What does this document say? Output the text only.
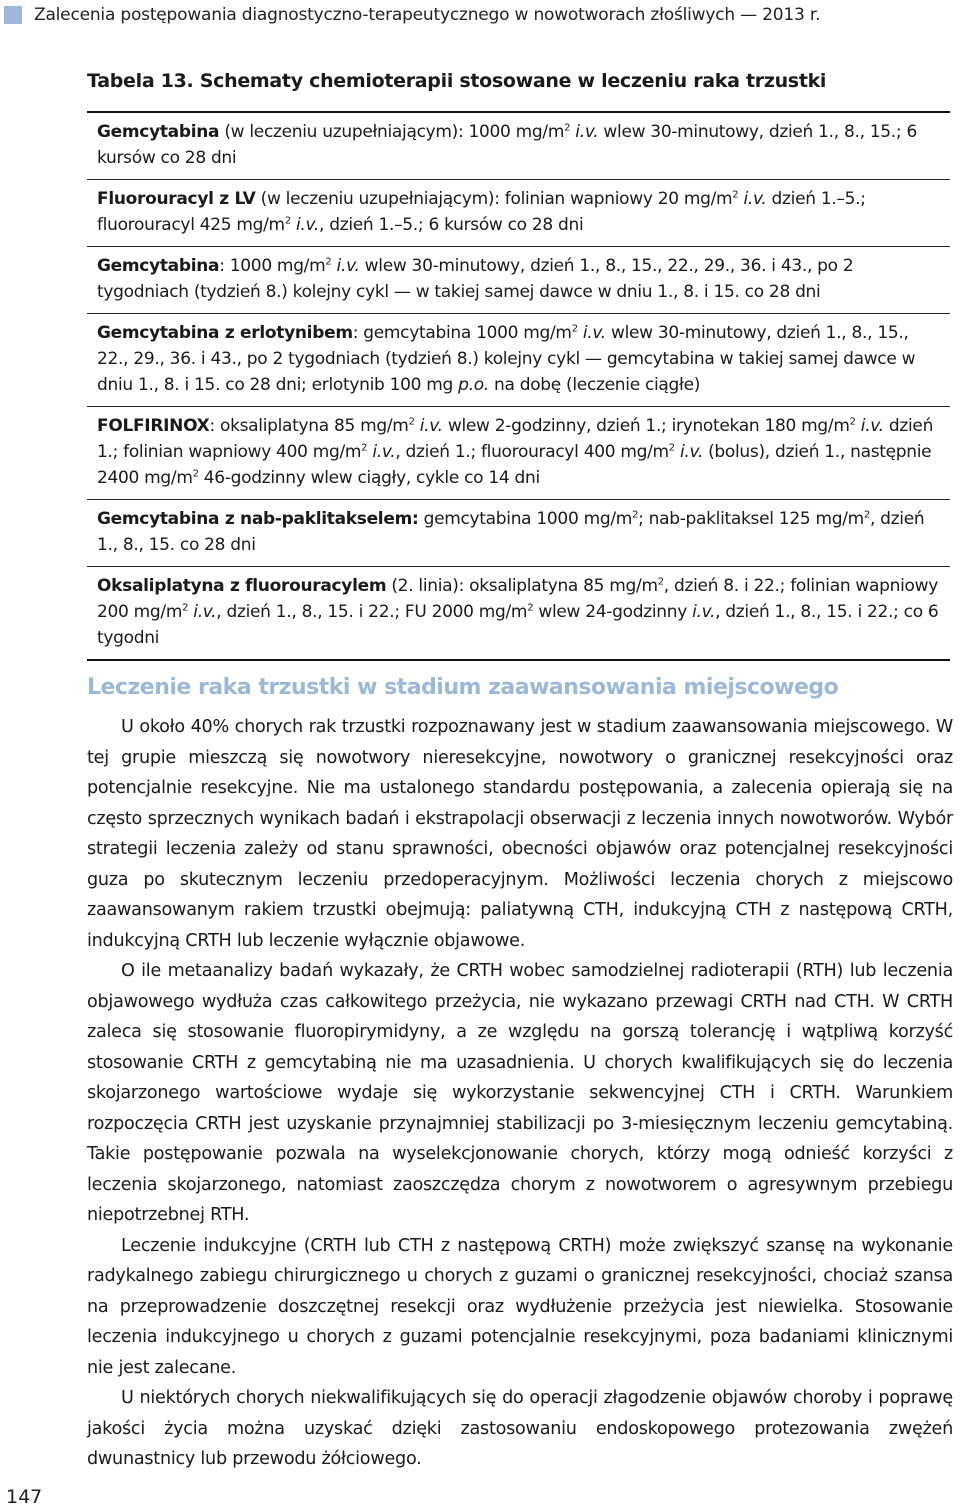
Zalecenia postępowania diagnostyczno-terapeutycznego w nowotworach złośliwych — 2013 r.
Tabela 13. Schematy chemioterapii stosowane w leczeniu raka trzustki
Gemcytabina (w leczeniu uzupełniającym): 1000 $mg/m^2$ i.v. wlew 30-minutowy, dzień 1., 8., 15.; 6 kursów co 28 dni
Fluorouracyl z LV (w leczeniu uzupełniającym): folinian wapniowy 20 $mg/m^2$ i.v. dzień 1.–5.; fluorouracyl 425 $mg/m^2$ i.v., dzień 1.–5.; 6 kursów co 28 dni
Gemcytabina: 1000 $mg/m^2$ i.v. wlew 30-minutowy, dzień 1., 8., 15., 22., 29., 36. i 43., po 2 tygodniach (tydzień 8.) kolejny cykl — w takiej samej dawce w dniu 1., 8. i 15. co 28 dni
Gemcytabina z erlotynibem: gemcytabina 1000 $mg/m^2$ i.v. wlew 30-minutowy, dzień 1., 8., 15., 22., 29., 36. i 43., po 2 tygodniach (tydzień 8.) kolejny cykl — gemcytabina w takiej samej dawce w dniu 1., 8. i 15. co 28 dni; erlotynib 100 mg p.o. na dobę (leczenie ciągłe)
FOLFIRINOX: oksaliplatyna 85 $mg/m^2$ i.v. wlew 2-godzinny, dzień 1.; irynotekan 180 $mg/m^2$ i.v. dzień 1.; folinian wapniowy 400 $mg/m^2$ i.v., dzień 1.; fluorouracyl 400 $mg/m^2$ i.v. (bolus), dzień 1., następnie 2400 $mg/m^2$ 46-godzinny wlew ciągły, cykle co 14 dni
Gemcytabina z nab-paklitakselem: gemcytabina 1000 $mg/m^2$; nab-paklitaksel 125 $mg/m^2$, dzień 1., 8., 15. co 28 dni
Oksaliplatyna z fluorouracylem (2. linia): oksaliplatyna 85 $mg/m^2$, dzień 8. i 22.; folinian wapniowy 200 $mg/m^2$ i.v., dzień 1., 8., 15. i 22.; FU 2000 $mg/m^2$ wlew 24-godzinny i.v., dzień 1., 8., 15. i 22.; co 6 tygodni
Leczenie raka trzustki w stadium zaawansowania miejscowego

U około 40% chorych rak trzustki rozpoznawany jest w stadium zaawansowania miejscowego. W tej grupie mieszczą się nowotwory nieresekcyjne, nowotwory o granicznej resekcyjności oraz potencjalnie resekcyjne. Nie ma ustalonego standardu postępowania, a zalecenia opierają się na często sprzecznych wynikach badań i ekstrapolacji obserwacji z leczenia innych nowotworów. Wybór strategii leczenia zależy od stanu sprawności, obecności objawów oraz potencjalnej resekcyjności guza po skutecznym leczeniu przedoperacyjnym. Możliwości leczenia chorych z miejscowo zaawansowanym rakiem trzustki obejmują: paliatywną CTH, indukcyjną CTH z następową CRTH, indukcyjną CRTH lub leczenie wyłącznie objawowe.

O ile metaanalizy badań wykazały, że CRTH wobec samodzielnej radioterapii (RTH) lub leczenia objawowego wydłuża czas całkowitego przeżycia, nie wykazano przewagi CRTH nad CTH. W CRTH zaleca się stosowanie fluoropirymidyny, a ze względu na gorszą tolerancję i wątpliwą korzyść stosowanie CRTH z gemcytabiną nie ma uzasadnienia. U chorych kwalifikujących się do leczenia skojarzonego wartościowe wydaje się wykorzystanie sekwencyjnej CTH i CRTH. Warunkiem rozpoczęcia CRTH jest uzyskanie przynajmniej stabilizacji po 3-miesięcznym leczeniu gemcytabiną. Takie postępowanie pozwala na wyselekcjonowanie chorych, którzy mogą odnieść korzyści z leczenia skojarzonego, natomiast zaoszczędza chorym z nowotworem o agresywnym przebiegu niepotrzebnej RTH.

Leczenie indukcyjne (CRTH lub CTH z następową CRTH) może zwiększyć szansę na wykonanie radykalnego zabiegu chirurgicznego u chorych z guzami o granicznej resekcyjności, chociaż szansa na przeprowadzenie doszczętnej resekcji oraz wydłużenie przeżycia jest niewielka. Stosowanie leczenia indukcyjnego u chorych z guzami potencjalnie resekcyjnymi, poza badaniami klinicznymi nie jest zalecane.

U niektórych chorych niekwalifikujących się do operacji złagodzenie objawów choroby i poprawę jakości życia można uzyskać dzięki zastosowaniu endoskopowego protezowania zwężeń dwunastnicy lub przewodu żółciowego.

147
